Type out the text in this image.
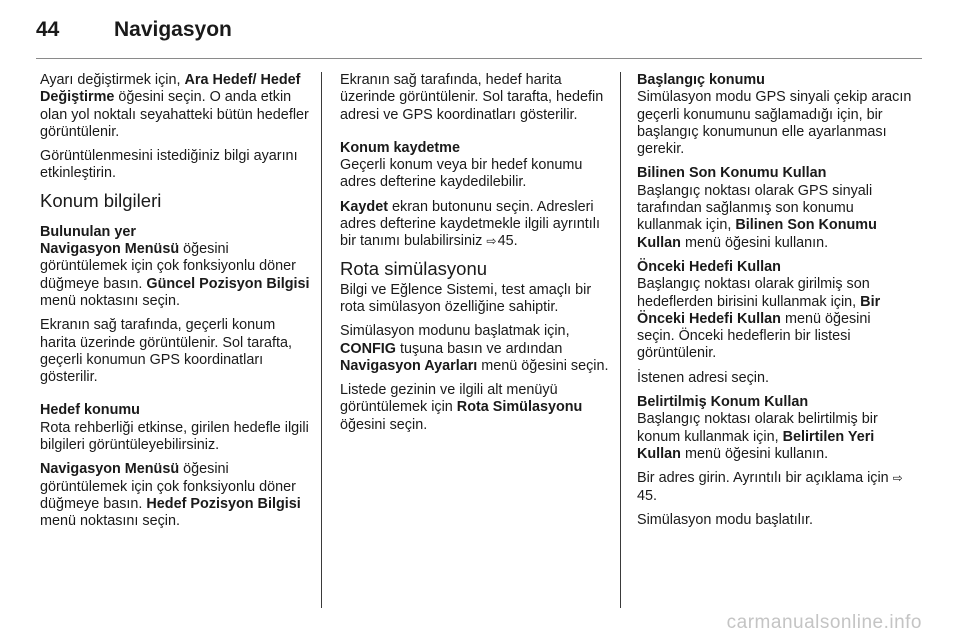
44	Navigasyon

Ayarı değiştirmek için, Ara Hedef/ Hedef Değiştirme öğesini seçin. O anda etkin olan yol noktalı seyahatteki bütün hedefler görüntülenir.

Görüntülenmesini istediğiniz bilgi ayarını etkinleştirin.

Konum bilgileri
Bulunulan yer

Navigasyon Menüsü öğesini görüntülemek için çok fonksiyonlu döner düğmeye basın. Güncel Pozisyon Bilgisi menü noktasını seçin.

Ekranın sağ tarafında, geçerli konum harita üzerinde görüntülenir. Sol tarafta, geçerli konumun GPS koordinatları gösterilir.

Hedef konumu

Rota rehberliği etkinse, girilen hedefle ilgili bilgileri görüntüleyebilirsiniz.

Navigasyon Menüsü öğesini görüntülemek için çok fonksiyonlu döner düğmeye basın. Hedef Pozisyon Bilgisi menü noktasını seçin.

Ekranın sağ tarafında, hedef harita üzerinde görüntülenir. Sol tarafta, hedefin adresi ve GPS koordinatları gösterilir.

Konum kaydetme

Geçerli konum veya bir hedef konumu adres defterine kaydedilebilir.

Kaydet ekran butonunu seçin. Adresleri adres defterine kaydetmekle ilgili ayrıntılı bir tanımı bulabilirsiniz ⇨ 45.

Rota simülasyonu

Bilgi ve Eğlence Sistemi, test amaçlı bir rota simülasyon özelliğine sahiptir.

Simülasyon modunu başlatmak için, CONFIG tuşuna basın ve ardından Navigasyon Ayarları menü öğesini seçin.

Listede gezinin ve ilgili alt menüyü görüntülemek için Rota Simülasyonu öğesini seçin.

Başlangıç konumu

Simülasyon modu GPS sinyali çekip aracın geçerli konumunu sağlamadığı için, bir başlangıç konumunun elle ayarlanması gerekir.

Bilinen Son Konumu Kullan

Başlangıç noktası olarak GPS sinyali tarafından sağlanmış son konumu kullanmak için, Bilinen Son Konumu Kullan menü öğesini kullanın.

Önceki Hedefi Kullan

Başlangıç noktası olarak girilmiş son hedeflerden birisini kullanmak için, Bir Önceki Hedefi Kullan menü öğesini seçin. Önceki hedeflerin bir listesi görüntülenir.

İstenen adresi seçin.

Belirtilmiş Konum Kullan

Başlangıç noktası olarak belirtilmiş bir konum kullanmak için, Belirtilen Yeri Kullan menü öğesini kullanın.

Bir adres girin. Ayrıntılı bir açıklama için ⇨ 45.

Simülasyon modu başlatılır.

carmanualsonline.info
